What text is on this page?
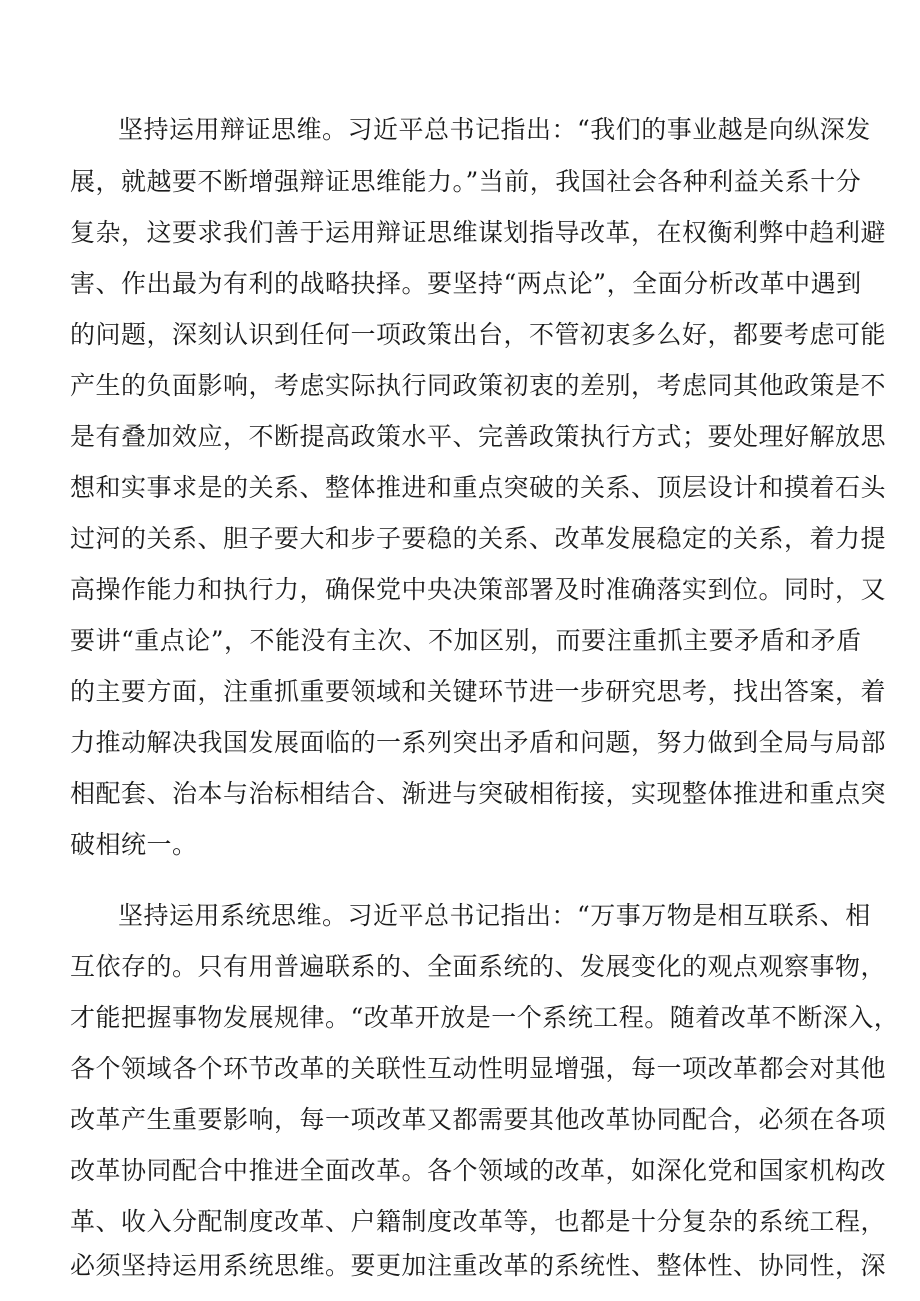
坚持运用辩证思维。习近平总书记指出：“我们的事业越是向纵深发
展，就越要不断增强辩证思维能力。”当前，我国社会各种利益关系十分
复杂，这要求我们善于运用辩证思维谋划指导改革，在权衡利弊中趋利避
害、作出最为有利的战略抉择。要坚持“两点论”，全面分析改革中遇到
的问题，深刻认识到任何一项政策出台，不管初衷多么好，都要考虑可能
产生的负面影响，考虑实际执行同政策初衷的差别，考虑同其他政策是不
是有叠加效应，不断提高政策水平、完善政策执行方式；要处理好解放思
想和实事求是的关系、整体推进和重点突破的关系、顶层设计和摸着石头
过河的关系、胆子要大和步子要稳的关系、改革发展稳定的关系，着力提
高操作能力和执行力，确保党中央决策部署及时准确落实到位。同时，又
要讲“重点论”，不能没有主次、不加区别，而要注重抓主要矛盾和矛盾
的主要方面，注重抓重要领域和关键环节进一步研究思考，找出答案，着
力推动解决我国发展面临的一系列突出矛盾和问题，努力做到全局与局部
相配套、治本与治标相结合、渐进与突破相衔接，实现整体推进和重点突
破相统一。
坚持运用系统思维。习近平总书记指出：“万事万物是相互联系、相
互依存的。只有用普遍联系的、全面系统的、发展变化的观点观察事物，
才能把握事物发展规律。“改革开放是一个系统工程。随着改革不断深入，
各个领域各个环节改革的关联性互动性明显增强，每一项改革都会对其他
改革产生重要影响，每一项改革又都需要其他改革协同配合，必须在各项
改革协同配合中推进全面改革。各个领域的改革，如深化党和国家机构改
革、收入分配制度改革、户籍制度改革等，也都是十分复杂的系统工程，
必须坚持运用系统思维。要更加注重改革的系统性、整体性、协同性，深
